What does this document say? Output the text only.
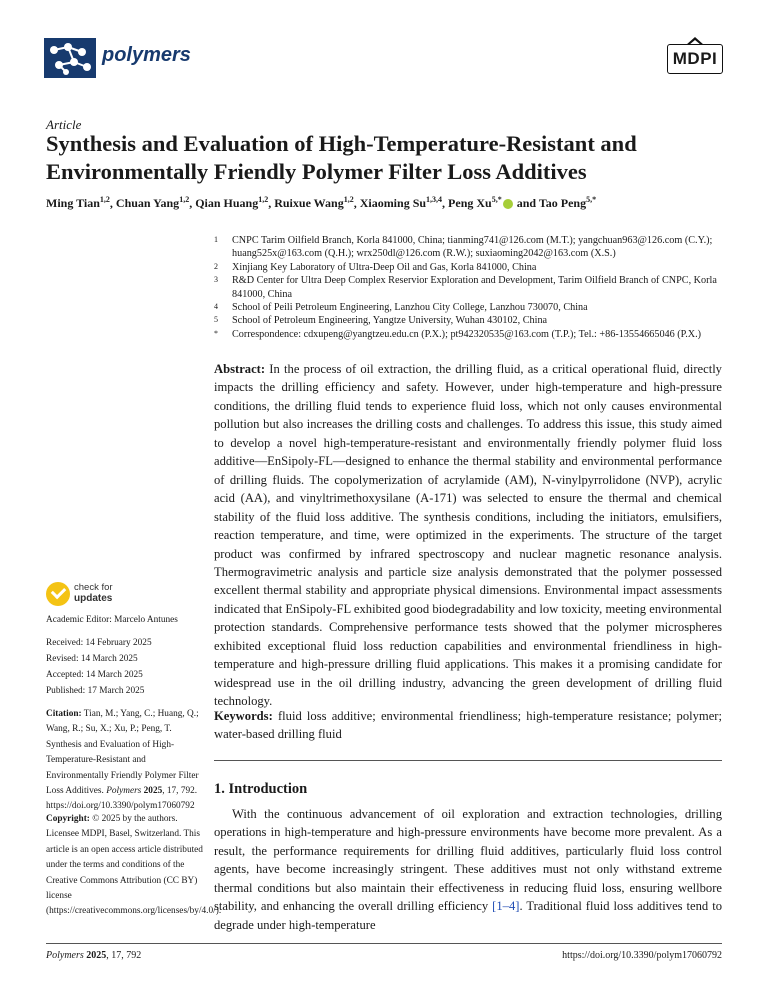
polymers	MDPI
Article
Synthesis and Evaluation of High-Temperature-Resistant and Environmentally Friendly Polymer Filter Loss Additives
Ming Tian$^{1,2}$, Chuan Yang$^{1,2}$, Qian Huang$^{1,2}$, Ruixue Wang$^{1,2}$, Xiaoming Su$^{1,3,4}$, Peng $Xu^{5,*}$ and Tao Peng$^{5,*}$
1 CNPC Tarim Oilfield Branch, Korla 841000, China; tianming741@126.com (M.T.); yangchuan963@126.com (C.Y.); huang525x@163.com (Q.H.); wrx250dl@126.com (R.W.); suxiaoming2042@163.com (X.S.)
2 Xinjiang Key Laboratory of Ultra-Deep Oil and Gas, Korla 841000, China
3 R&D Center for Ultra Deep Complex Reservior Exploration and Development, Tarim Oilfield Branch of CNPC, Korla 841000, China
4 School of Peili Petroleum Engineering, Lanzhou City College, Lanzhou 730070, China
5 School of Petroleum Engineering, Yangtze University, Wuhan 430102, China
* Correspondence: cdxupeng@yangtzeu.edu.cn (P.X.); pt942320535@163.com (T.P.); Tel.: +86-13554665046 (P.X.)
Abstract: In the process of oil extraction, the drilling fluid, as a critical operational fluid, directly impacts the drilling efficiency and safety. However, under high-temperature and high-pressure conditions, the drilling fluid tends to experience fluid loss, which not only causes environmental pollution but also increases the drilling costs and challenges. To address this issue, this study aimed to develop a novel high-temperature-resistant and environmentally friendly polymer fluid loss additive—EnSipoly-FL—designed to enhance the thermal stability and environmental performance of drilling fluids. The copolymerization of acrylamide (AM), N-vinylpyrrolidone (NVP), acrylic acid (AA), and vinyltrimethoxysilane (A-171) was selected to ensure the thermal and chemical stability of the fluid loss additive. The synthesis conditions, including the initiators, emulsifiers, reaction temperature, and time, were optimized in the experiments. The structure of the target product was confirmed by infrared spectroscopy and nuclear magnetic resonance analysis. Thermogravimetric analysis and particle size analysis demonstrated that the polymer possessed excellent thermal stability and appropriate physical dimensions. Environmental impact assessments indicated that EnSipoly-FL exhibited good biodegradability and low toxicity, meeting environmental protection standards. Comprehensive performance tests showed that the polymer microspheres exhibited exceptional fluid loss reduction capabilities and environmental friendliness in high-temperature and high-pressure drilling fluid applications. This makes it a promising candidate for widespread use in the oil drilling industry, advancing the green development of drilling fluid technology.
Keywords: fluid loss additive; environmental friendliness; high-temperature resistance; polymer; water-based drilling fluid
1. Introduction
With the continuous advancement of oil exploration and extraction technologies, drilling operations in high-temperature and high-pressure environments have become more prevalent. As a result, the performance requirements for drilling fluid additives, particularly fluid loss control agents, have become increasingly stringent. These additives must not only withstand extreme thermal conditions but also maintain their effectiveness in reducing fluid loss, ensuring wellbore stability, and enhancing the overall drilling efficiency [1–4]. Traditional fluid loss additives tend to degrade under high-temperature
check for
updates
Academic Editor: Marcelo Antunes
Received: 14 February 2025
Revised: 14 March 2025
Accepted: 14 March 2025
Published: 17 March 2025
Citation: Tian, M.; Yang, C.; Huang, Q.; Wang, R.; Su, X.; Xu, P.; Peng, T. Synthesis and Evaluation of High-Temperature-Resistant and Environmentally Friendly Polymer Filter Loss Additives. Polymers 2025, 17, 792. https://doi.org/10.3390/polym17060792
Copyright: © 2025 by the authors. Licensee MDPI, Basel, Switzerland. This article is an open access article distributed under the terms and conditions of the Creative Commons Attribution (CC BY) license (https://creativecommons.org/licenses/by/4.0/).
Polymers 2025, 17, 792	https://doi.org/10.3390/polym17060792
